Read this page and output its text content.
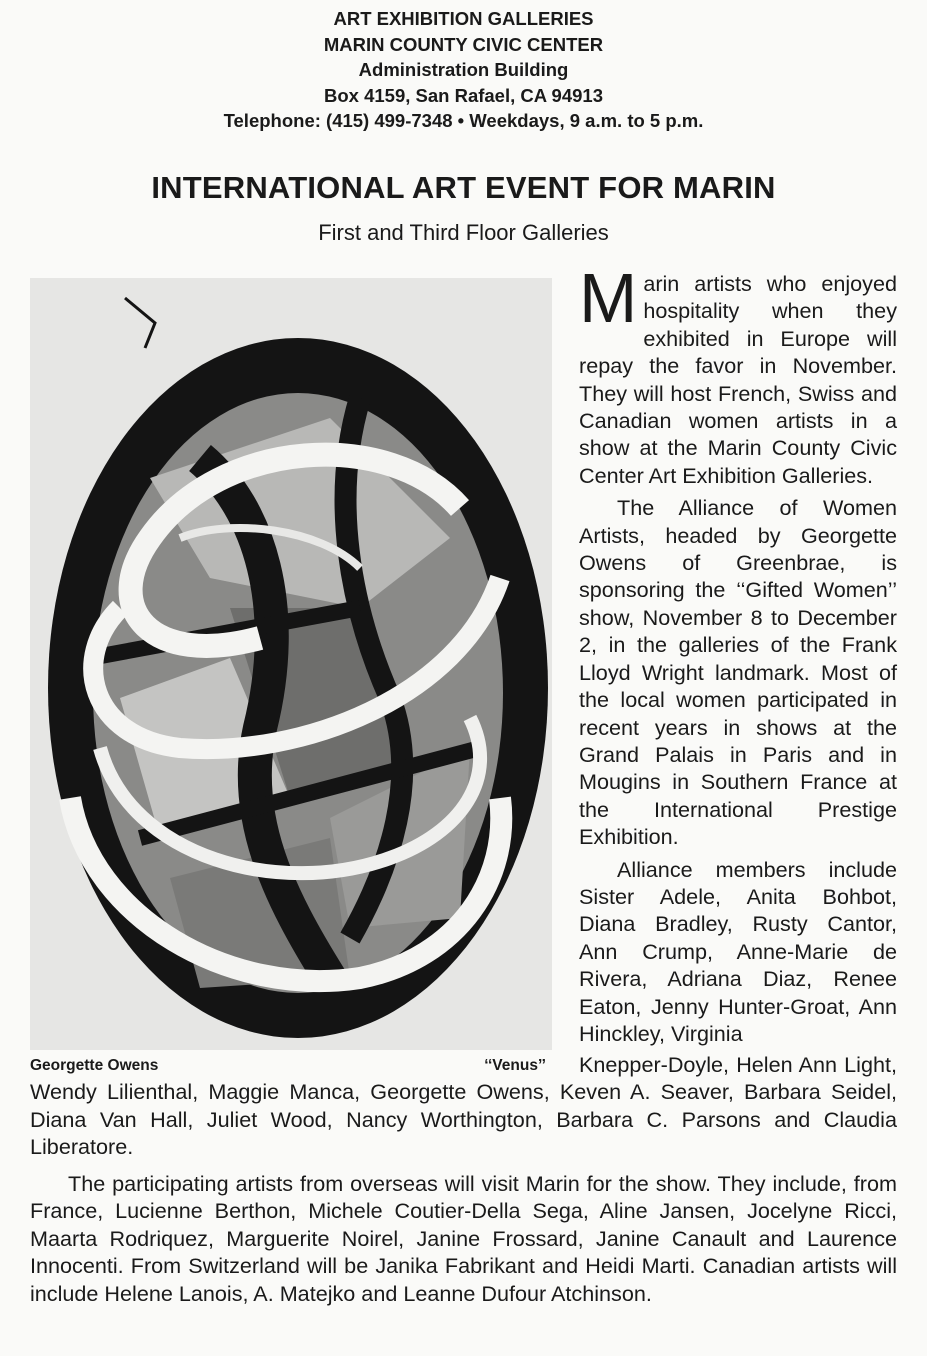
ART EXHIBITION GALLERIES
MARIN COUNTY CIVIC CENTER
Administration Building
Box 4159, San Rafael, CA 94913
Telephone: (415) 499-7348 • Weekdays, 9 a.m. to 5 p.m.
INTERNATIONAL ART EVENT FOR MARIN
First and Third Floor Galleries
Georgette Owens	‘‘Venus’’

Marin artists who enjoyed hospitality when they exhibited in Europe will repay the favor in November. They will host French, Swiss and Canadian women artists in a show at the Marin County Civic Center Art Exhibition Galleries.

The Alliance of Women Artists, headed by Georgette Owens of Greenbrae, is sponsoring the ‘‘Gifted Women’’ show, November 8 to December 2, in the galleries of the Frank Lloyd Wright landmark. Most of the local women participated in recent years in shows at the Grand Palais in Paris and in Mougins in Southern France at the International Prestige Exhibition.

Alliance members include Sister Adele, Anita Bohbot, Diana Bradley, Rusty Cantor, Ann Crump, Anne-Marie de Rivera, Adriana Diaz, Renee Eaton, Jenny Hunter-Groat, Ann Hinckley, Virginia

Knepper-Doyle, Helen Ann Light, Wendy Lilienthal, Maggie Manca, Georgette Owens, Keven A. Seaver, Barbara Seidel, Diana Van Hall, Juliet Wood, Nancy Worthington, Barbara C. Parsons and Claudia Liberatore.

The participating artists from overseas will visit Marin for the show. They include, from France, Lucienne Berthon, Michele Coutier-Della Sega, Aline Jansen, Jocelyne Ricci, Maarta Rodriquez, Marguerite Noirel, Janine Frossard, Janine Canault and Laurence Innocenti. From Switzerland will be Janika Fabrikant and Heidi Marti. Canadian artists will include Helene Lanois, A. Matejko and Leanne Dufour Atchinson.
